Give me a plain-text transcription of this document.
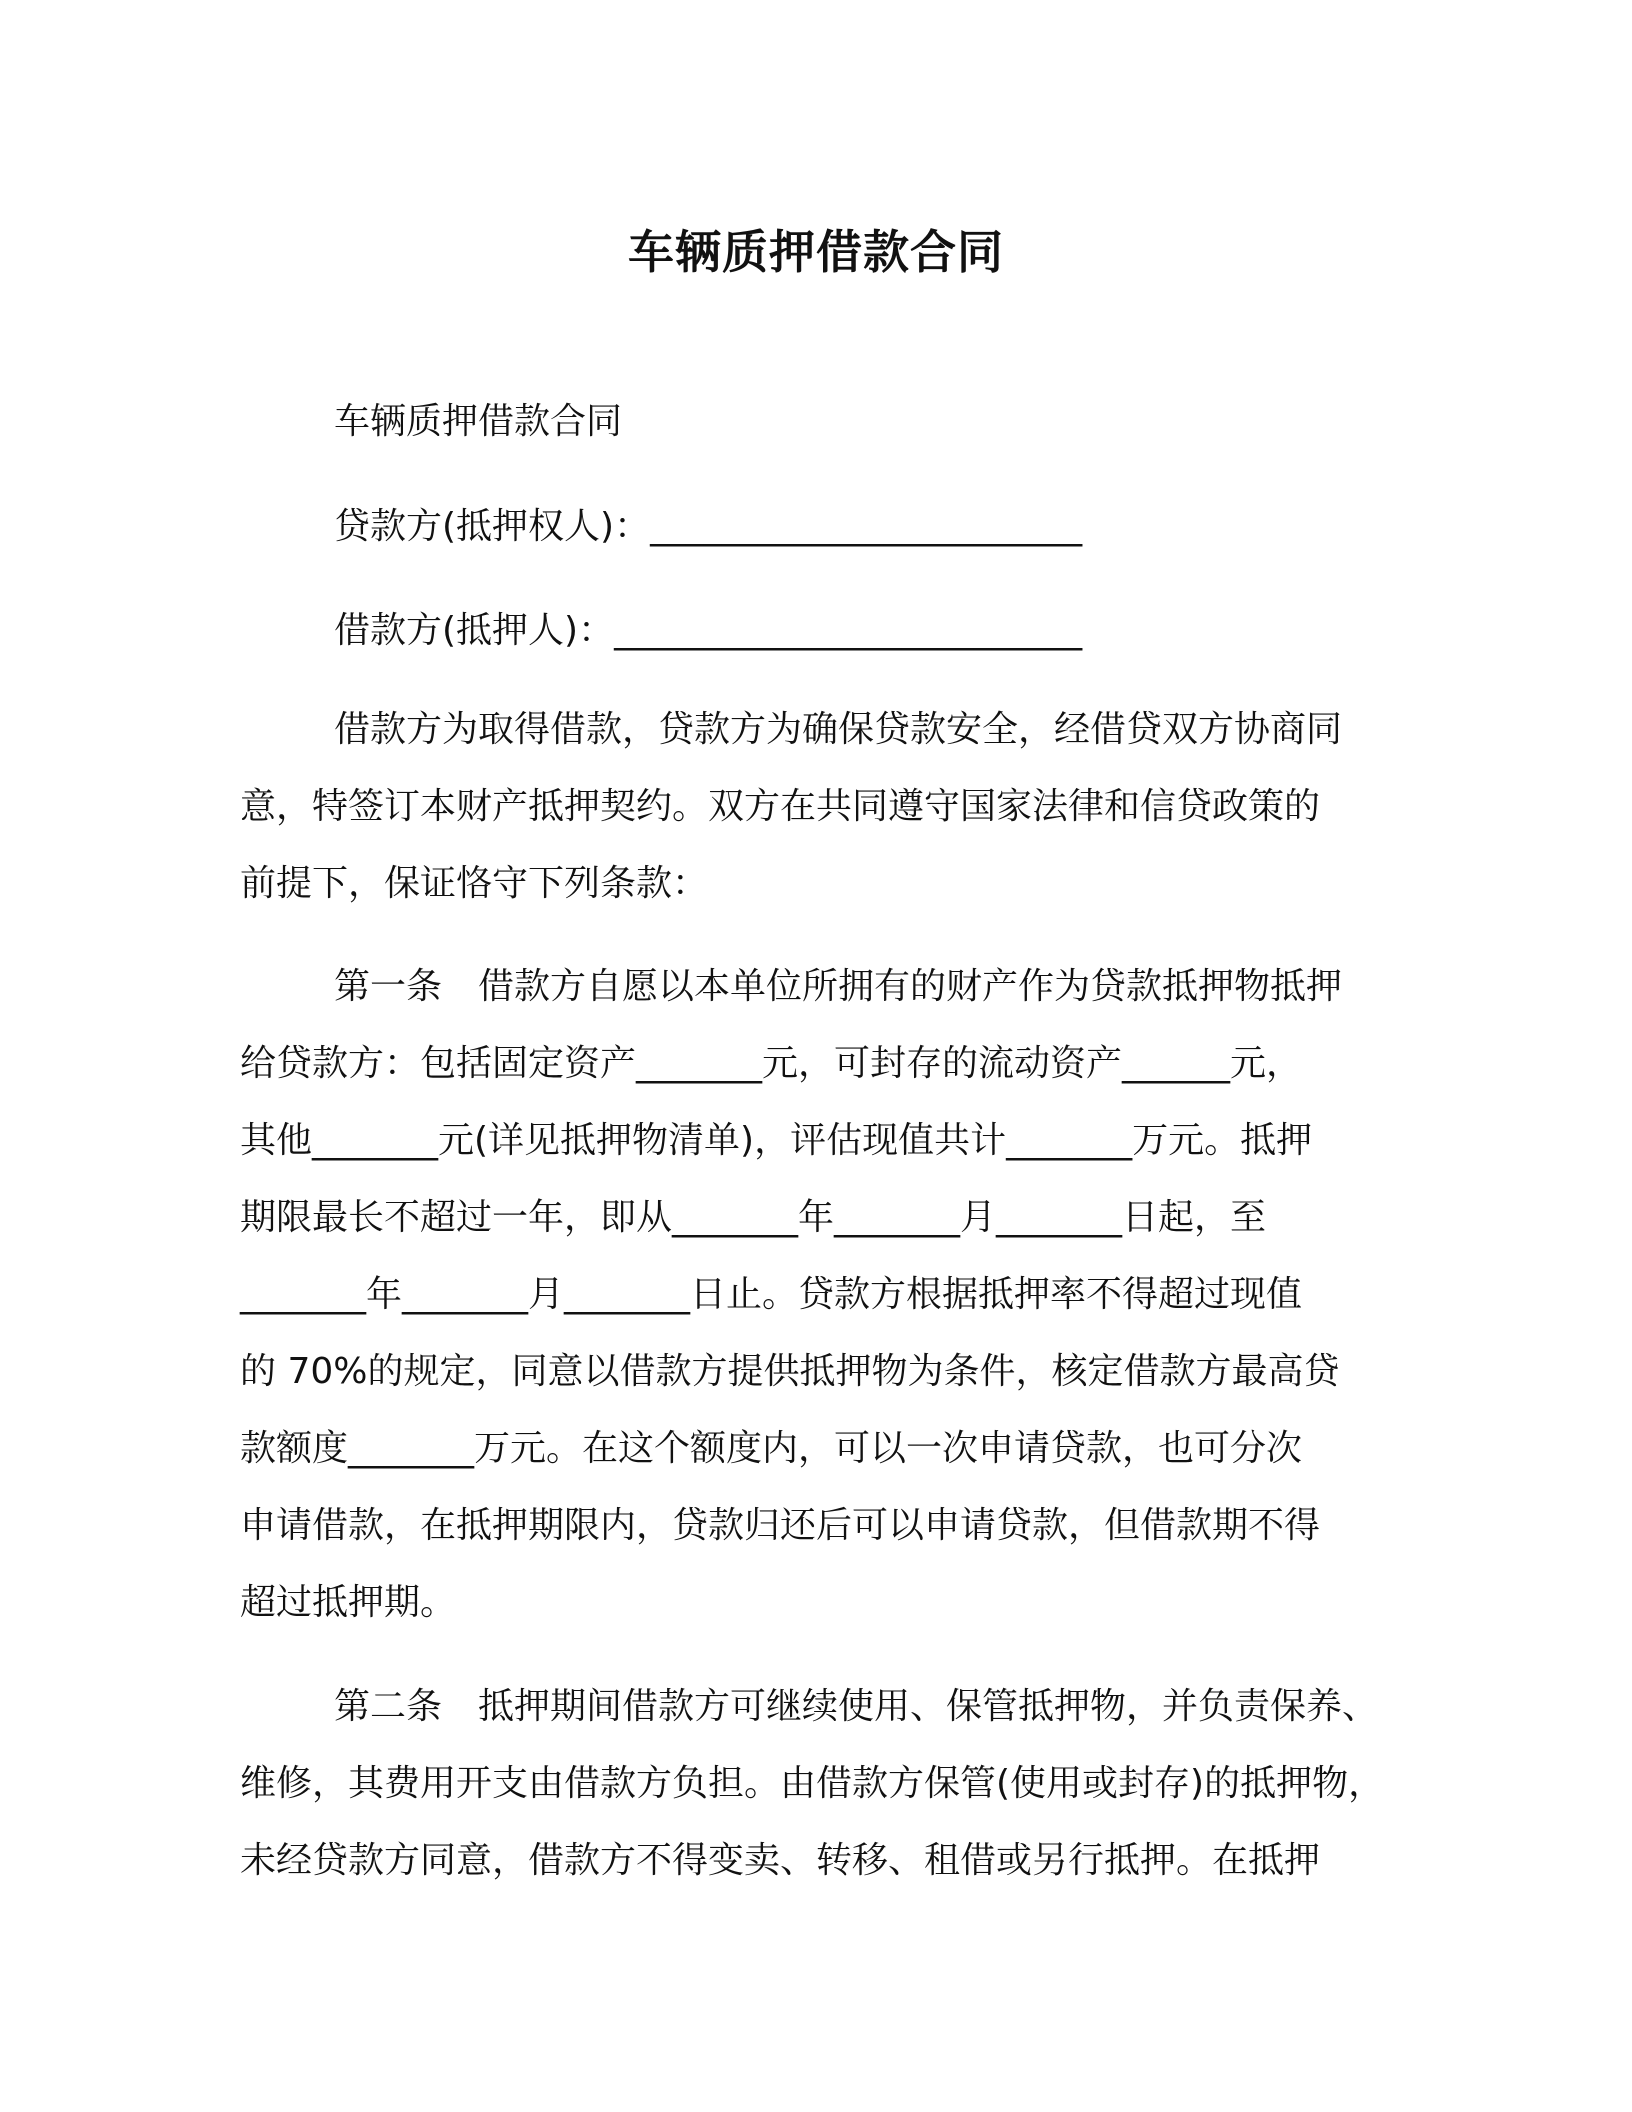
车辆质押借款合同
车辆质押借款合同
贷款方(抵押权人)：________________________
借款方(抵押人)：__________________________
借款方为取得借款，贷款方为确保贷款安全，经借贷双方协商同
意，特签订本财产抵押契约。双方在共同遵守国家法律和信贷政策的
前提下，保证恪守下列条款：
第一条　借款方自愿以本单位所拥有的财产作为贷款抵押物抵押
给贷款方：包括固定资产_______元，可封存的流动资产______元，
其他_______元(详见抵押物清单)，评估现值共计_______万元。抵押
期限最长不超过一年，即从_______年_______月_______日起，至
_______年_______月_______日止。贷款方根据抵押率不得超过现值
的 70%的规定，同意以借款方提供抵押物为条件，核定借款方最高贷
款额度_______万元。在这个额度内，可以一次申请贷款，也可分次
申请借款，在抵押期限内，贷款归还后可以申请贷款，但借款期不得
超过抵押期。
第二条　抵押期间借款方可继续使用、保管抵押物，并负责保养、
维修，其费用开支由借款方负担。由借款方保管(使用或封存)的抵押物，
未经贷款方同意，借款方不得变卖、转移、租借或另行抵押。在抵押
